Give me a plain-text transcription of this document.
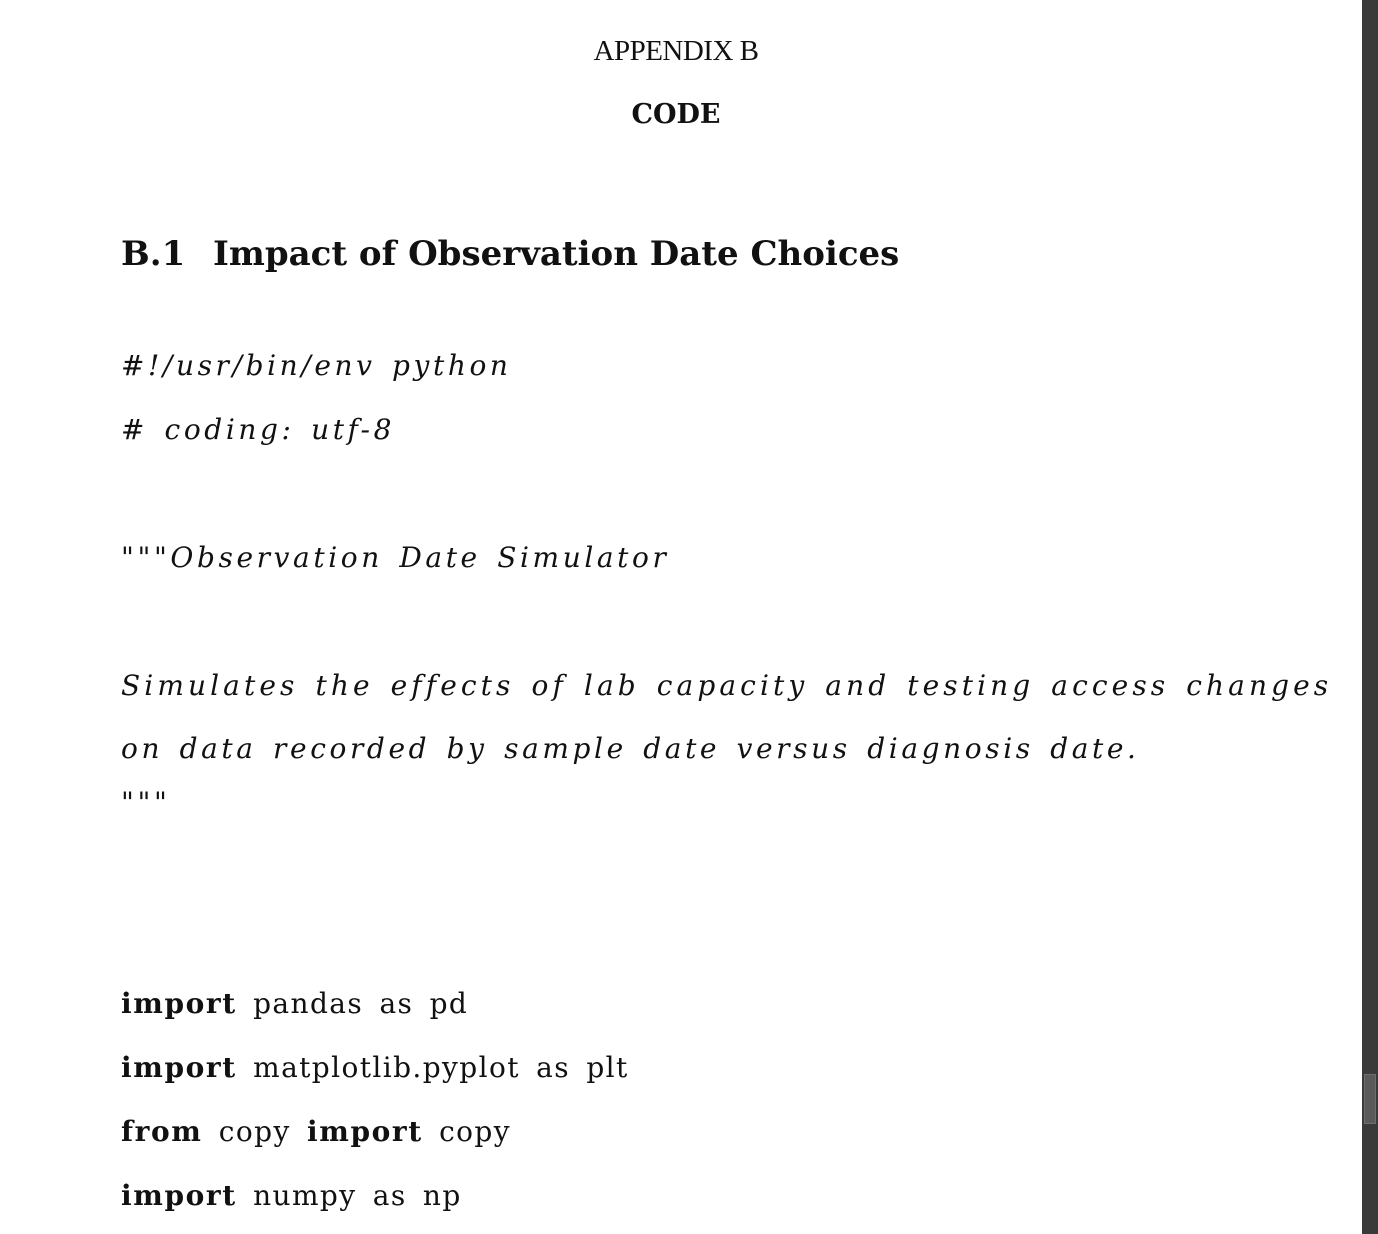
APPENDIX B
CODE
B.1 Impact of Observation Date Choices
#!/usr/bin/env python
# coding: utf-8
"""Observation Date Simulator
Simulates the effects of lab capacity and testing access changes
on data recorded by sample date versus diagnosis date.
"""
import pandas as pd
import matplotlib.pyplot as plt
from copy import copy
import numpy as np
